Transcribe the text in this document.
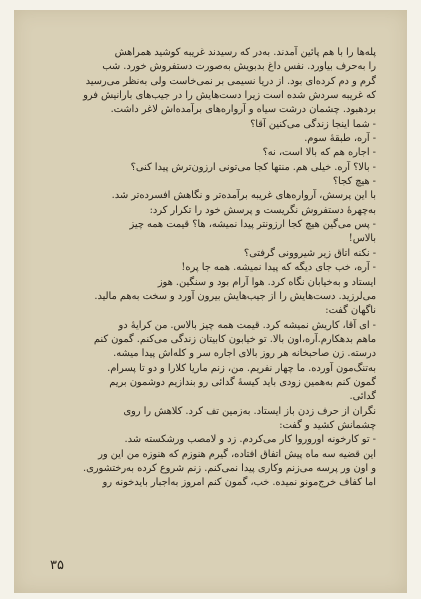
پله‌ها را با هم پائین آمدند. به‌در که رسیدند غریبه کوشید همراهش

را به‌حرف بیاورد. نفس داغ بدبویش به‌صورت دستفروش خورد. شب

گرم و دم کرده‌ای بود. از دریا نسیمی بر نمی‌خاست ولی به‌نظر می‌رسید

که غریبه سردش شده است زیرا دست‌هایش را در جیب‌های بارانیش فرو

بردهبود. چشمان درشت سیاه و آرواره‌های برآمده‌اش لاغر داشت.

- شما اینجا زندگی می‌کنین آقا؟

- آره، طبقهٔ سوم.

- اجاره هم که بالا است، نه؟

- بالا؟ آره. خیلی هم. منتها کجا می‌تونی ارزون‌ترش پیدا کنی؟

- هیچ کجا؟

با این پرسش، آرواره‌های غریبه برآمده‌تر و نگاهش افسرده‌تر شد.

به‌چهرهٔ دستفروش نگریست و پرسش خود را تکرار کرد:

- پس می‌گین هیچ کجا ارزونتر پیدا نمیشه، ها؟ قیمت همه چیز

بالاس!

- نکنه اتاق زیر شیروونی گرفتی؟

- آره، خب جای دیگه که پیدا نمیشه. همه جا پره!

ایستاد و به‌خیابان نگاه کرد. هوا آرام بود و سنگین. هوز

می‌لرزید. دست‌هایش را از جیب‌هایش بیرون آورد و سخت به‌هم مالید.

ناگهان گفت:

- ای آقا، کاریش نمیشه کرد. قیمت همه چیز بالاس. من کرایهٔ دو

ماهم بدهکارم.آره،اون بالا. تو خیابون کابیتان زندگی می‌کنم. گمون کنم

درسته. زن صاحبخانه هر روز بالای اجاره سر و کله‌اش پیدا میشه.

به‌تنگ‌مون آورده. ما چهار نفریم. من، زنم ماریا کلارا و دو تا پسرام.

گمون کنم به‌همین زودی باید کیسهٔ گدائی رو بندازیم دوشمون بریم

گدائی.

نگران از حرف زدن باز ایستاد. به‌زمین تف کرد. کلاهش را روی

چشمانش کشید و گفت:

- تو کارخونه اوروروا کار می‌کردم. زد و لامصب ورشکسته شد.

این قضیه سه ماه پیش اتفاق افتاده، گیرم هنوزم که هنوزه من این ور

و اون ور پرسه می‌زنم وکاری پیدا نمی‌کنم. زنم شروع کرده به‌رختشوری.

اما کفاف خرج‌مونو نمیده. خب، گمون کنم امروز به‌اجبار بایدخونه رو

۳۵
